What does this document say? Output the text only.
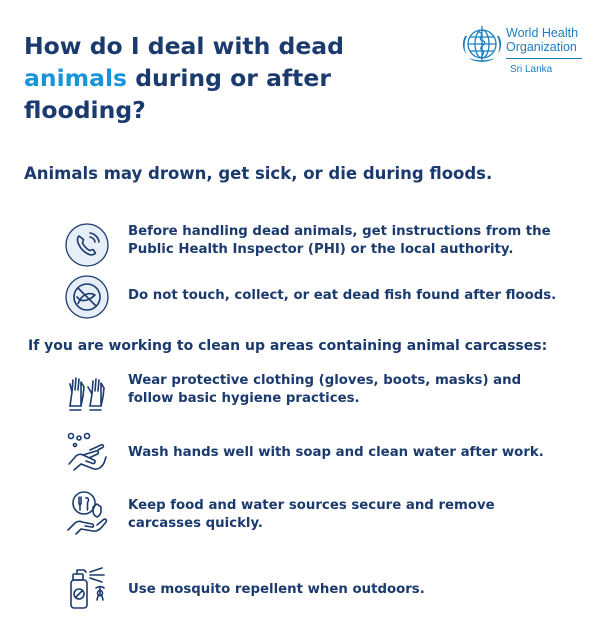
How do I deal with dead animals during or after flooding?
World Health
Organization
Sri Lanka
Animals may drown, get sick, or die during floods.
Before handling dead animals, get instructions from the Public Health Inspector (PHI) or the local authority.
Do not touch, collect, or eat dead fish found after floods.
If you are working to clean up areas containing animal carcasses:
Wear protective clothing (gloves, boots, masks) and follow basic hygiene practices.
Wash hands well with soap and clean water after work.
Keep food and water sources secure and remove carcasses quickly.
Use mosquito repellent when outdoors.
